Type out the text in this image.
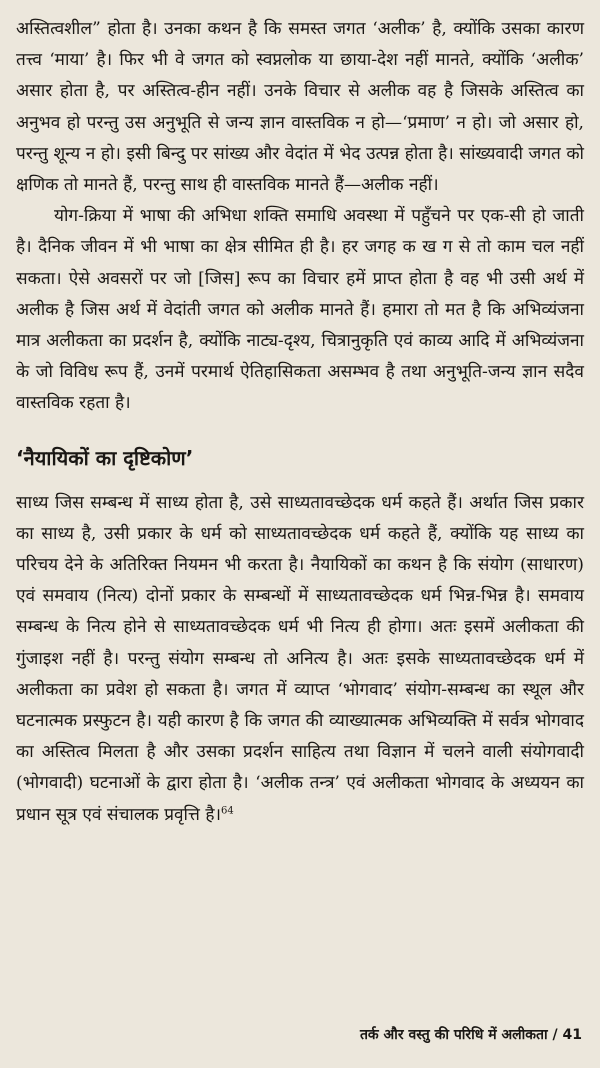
अस्तित्वशील” होता है। उनका कथन है कि समस्त जगत ‘अलीक’ है, क्योंकि उसका कारण तत्त्व ‘माया’ है। फिर भी वे जगत को स्वप्नलोक या छाया-देश नहीं मानते, क्योंकि ‘अलीक’ असार होता है, पर अस्तित्व-हीन नहीं। उनके विचार से अलीक वह है जिसके अस्तित्व का अनुभव हो परन्तु उस अनुभूति से जन्य ज्ञान वास्तविक न हो—‘प्रमाण’ न हो। जो असार हो, परन्तु शून्य न हो। इसी बिन्दु पर सांख्य और वेदांत में भेद उत्पन्न होता है। सांख्यवादी जगत को क्षणिक तो मानते हैं, परन्तु साथ ही वास्तविक मानते हैं—अलीक नहीं।

योग-क्रिया में भाषा की अभिधा शक्ति समाधि अवस्था में पहुँचने पर एक-सी हो जाती है। दैनिक जीवन में भी भाषा का क्षेत्र सीमित ही है। हर जगह क ख ग से तो काम चल नहीं सकता। ऐसे अवसरों पर जो [जिस] रूप का विचार हमें प्राप्त होता है वह भी उसी अर्थ में अलीक है जिस अर्थ में वेदांती जगत को अलीक मानते हैं। हमारा तो मत है कि अभिव्यंजना मात्र अलीकता का प्रदर्शन है, क्योंकि नाट्य-दृश्य, चित्रानुकृति एवं काव्य आदि में अभिव्यंजना के जो विविध रूप हैं, उनमें परमार्थ ऐतिहासिकता असम्भव है तथा अनुभूति-जन्य ज्ञान सदैव वास्तविक रहता है।

‘नैयायिकों का दृष्टिकोण’

साध्य जिस सम्बन्ध में साध्य होता है, उसे साध्यतावच्छेदक धर्म कहते हैं। अर्थात जिस प्रकार का साध्य है, उसी प्रकार के धर्म को साध्यतावच्छेदक धर्म कहते हैं, क्योंकि यह साध्य का परिचय देने के अतिरिक्त नियमन भी करता है। नैयायिकों का कथन है कि संयोग (साधारण) एवं समवाय (नित्य) दोनों प्रकार के सम्बन्धों में साध्यतावच्छेदक धर्म भिन्न-भिन्न है। समवाय सम्बन्ध के नित्य होने से साध्यतावच्छेदक धर्म भी नित्य ही होगा। अतः इसमें अलीकता की गुंजाइश नहीं है। परन्तु संयोग सम्बन्ध तो अनित्य है। अतः इसके साध्यतावच्छेदक धर्म में अलीकता का प्रवेश हो सकता है। जगत में व्याप्त ‘भोगवाद’ संयोग-सम्बन्ध का स्थूल और घटनात्मक प्रस्फुटन है। यही कारण है कि जगत की व्याख्यात्मक अभिव्यक्ति में सर्वत्र भोगवाद का अस्तित्व मिलता है और उसका प्रदर्शन साहित्य तथा विज्ञान में चलने वाली संयोगवादी (भोगवादी) घटनाओं के द्वारा होता है। ‘अलीक तन्त्र’ एवं अलीकता भोगवाद के अध्ययन का प्रधान सूत्र एवं संचालक प्रवृत्ति है।$^{64}$

तर्क और वस्तु की परिधि में अलीकता / 41
